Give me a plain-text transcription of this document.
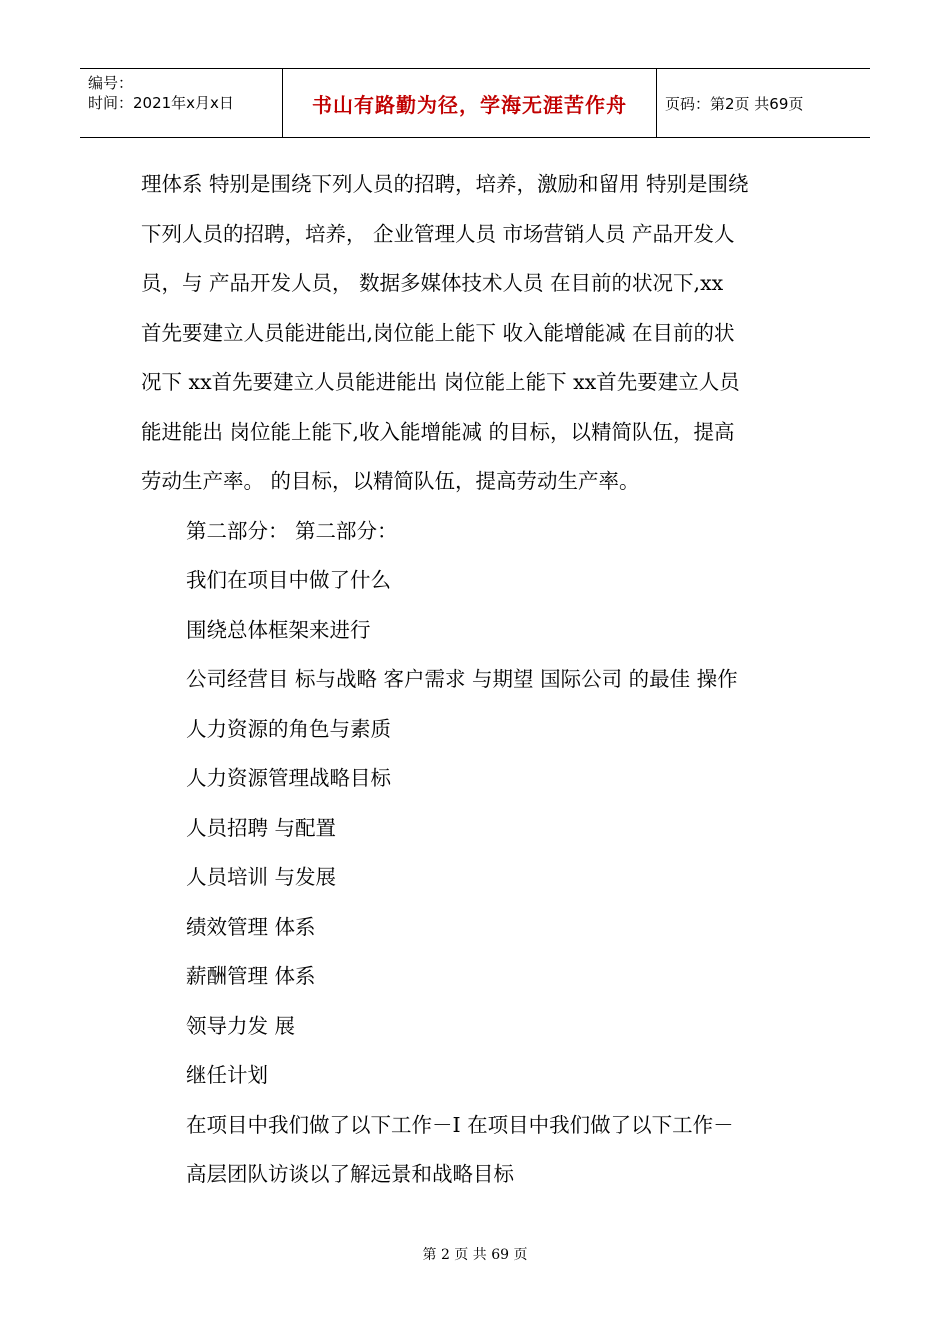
编号：
时间：2021年x月x日	书山有路勤为径，学海无涯苦作舟	页码：第2页 共69页
理体系 特别是围绕下列人员的招聘，培养，激励和留用 特别是围绕
下列人员的招聘，培养， 企业管理人员 市场营销人员 产品开发人
员，与 产品开发人员， 数据多媒体技术人员 在目前的状况下,xx
首先要建立人员能进能出,岗位能上能下 收入能增能减 在目前的状
况下 xx首先要建立人员能进能出 岗位能上能下 xx首先要建立人员
能进能出 岗位能上能下,收入能增能减 的目标，以精简队伍，提高
劳动生产率。 的目标，以精简队伍，提高劳动生产率。
第二部分： 第二部分：
我们在项目中做了什么
围绕总体框架来进行
公司经营目 标与战略 客户需求 与期望 国际公司 的最佳 操作
人力资源的角色与素质
人力资源管理战略目标
人员招聘 与配置
人员培训 与发展
绩效管理 体系
薪酬管理 体系
领导力发 展
继任计划
在项目中我们做了以下工作－Ⅰ 在项目中我们做了以下工作－
高层团队访谈以了解远景和战略目标
第 2 页 共 69 页
